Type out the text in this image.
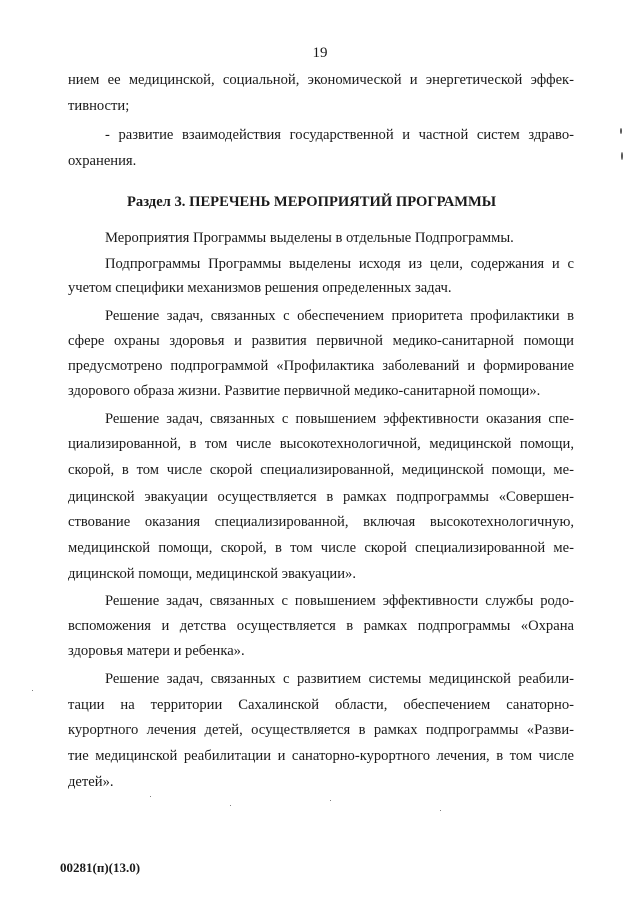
19
нием ее медицинской, социальной, экономической и энергетической эффек-
тивности;
- развитие взаимодействия государственной и частной систем здраво-
охранения.
Раздел 3. ПЕРЕЧЕНЬ МЕРОПРИЯТИЙ ПРОГРАММЫ
Мероприятия Программы выделены в отдельные Подпрограммы.
Подпрограммы Программы выделены исходя из цели, содержания и с
учетом специфики механизмов решения определенных задач.
Решение задач, связанных с обеспечением приоритета профилактики в
сфере охраны здоровья и развития первичной медико-санитарной помощи
предусмотрено подпрограммой «Профилактика заболеваний и формирование
здорового образа жизни. Развитие первичной медико-санитарной помощи».
Решение задач, связанных с повышением эффективности оказания спе-
циализированной, в том числе высокотехнологичной, медицинской помощи,
скорой, в том числе скорой специализированной, медицинской помощи, ме-
дицинской эвакуации осуществляется в рамках подпрограммы «Совершен-
ствование оказания специализированной, включая высокотехнологичную,
медицинской помощи, скорой, в том числе скорой специализированной ме-
дицинской помощи, медицинской эвакуации».
Решение задач, связанных с повышением эффективности службы родо-
вспоможения и детства осуществляется в рамках подпрограммы «Охрана
здоровья матери и ребенка».
Решение задач, связанных с развитием системы медицинской реабили-
тации на территории Сахалинской области, обеспечением санаторно-
курортного лечения детей, осуществляется в рамках подпрограммы «Разви-
тие медицинской реабилитации и санаторно-курортного лечения, в том числе
детей».
00281(п)(13.0)
